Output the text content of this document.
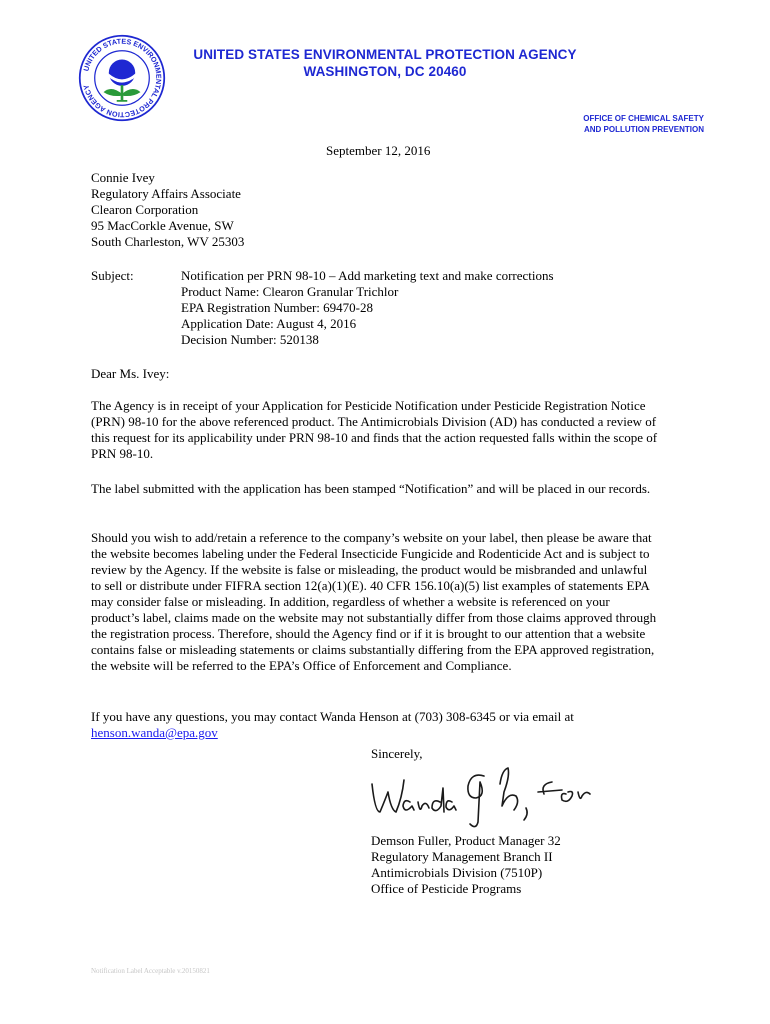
UNITED STATES ENVIRONMENTAL PROTECTION AGENCY
UNITED STATES ENVIRONMENTAL PROTECTION AGENCY
WASHINGTON, DC 20460
OFFICE OF CHEMICAL SAFETY
AND POLLUTION PREVENTION
September 12, 2016
Connie Ivey
Regulatory Affairs Associate
Clearon Corporation
95 MacCorkle Avenue, SW
South Charleston, WV 25303
Subject:	Notification per PRN 98-10 – Add marketing text and make corrections
Product Name: Clearon Granular Trichlor
EPA Registration Number: 69470-28
Application Date: August 4, 2016
Decision Number: 520138
Dear Ms. Ivey:

The Agency is in receipt of your Application for Pesticide Notification under Pesticide Registration Notice (PRN) 98-10 for the above referenced product. The Antimicrobials Division (AD) has conducted a review of this request for its applicability under PRN 98-10 and finds that the action requested falls within the scope of PRN 98-10.

The label submitted with the application has been stamped “Notification” and will be placed in our records.

Should you wish to add/retain a reference to the company’s website on your label, then please be aware that the website becomes labeling under the Federal Insecticide Fungicide and Rodenticide Act and is subject to review by the Agency. If the website is false or misleading, the product would be misbranded and unlawful to sell or distribute under FIFRA section 12(a)(1)(E). 40 CFR 156.10(a)(5) list examples of statements EPA may consider false or misleading. In addition, regardless of whether a website is referenced on your product’s label, claims made on the website may not substantially differ from those claims approved through the registration process. Therefore, should the Agency find or if it is brought to our attention that a website contains false or misleading statements or claims substantially differing from the EPA approved registration, the website will be referred to the EPA’s Office of Enforcement and Compliance.

If you have any questions, you may contact Wanda Henson at (703) 308-6345 or via email at
henson.wanda@epa.gov

Sincerely,
Demson Fuller, Product Manager 32
Regulatory Management Branch II
Antimicrobials Division (7510P)
Office of Pesticide Programs
Notification Label Acceptable v.20150821
